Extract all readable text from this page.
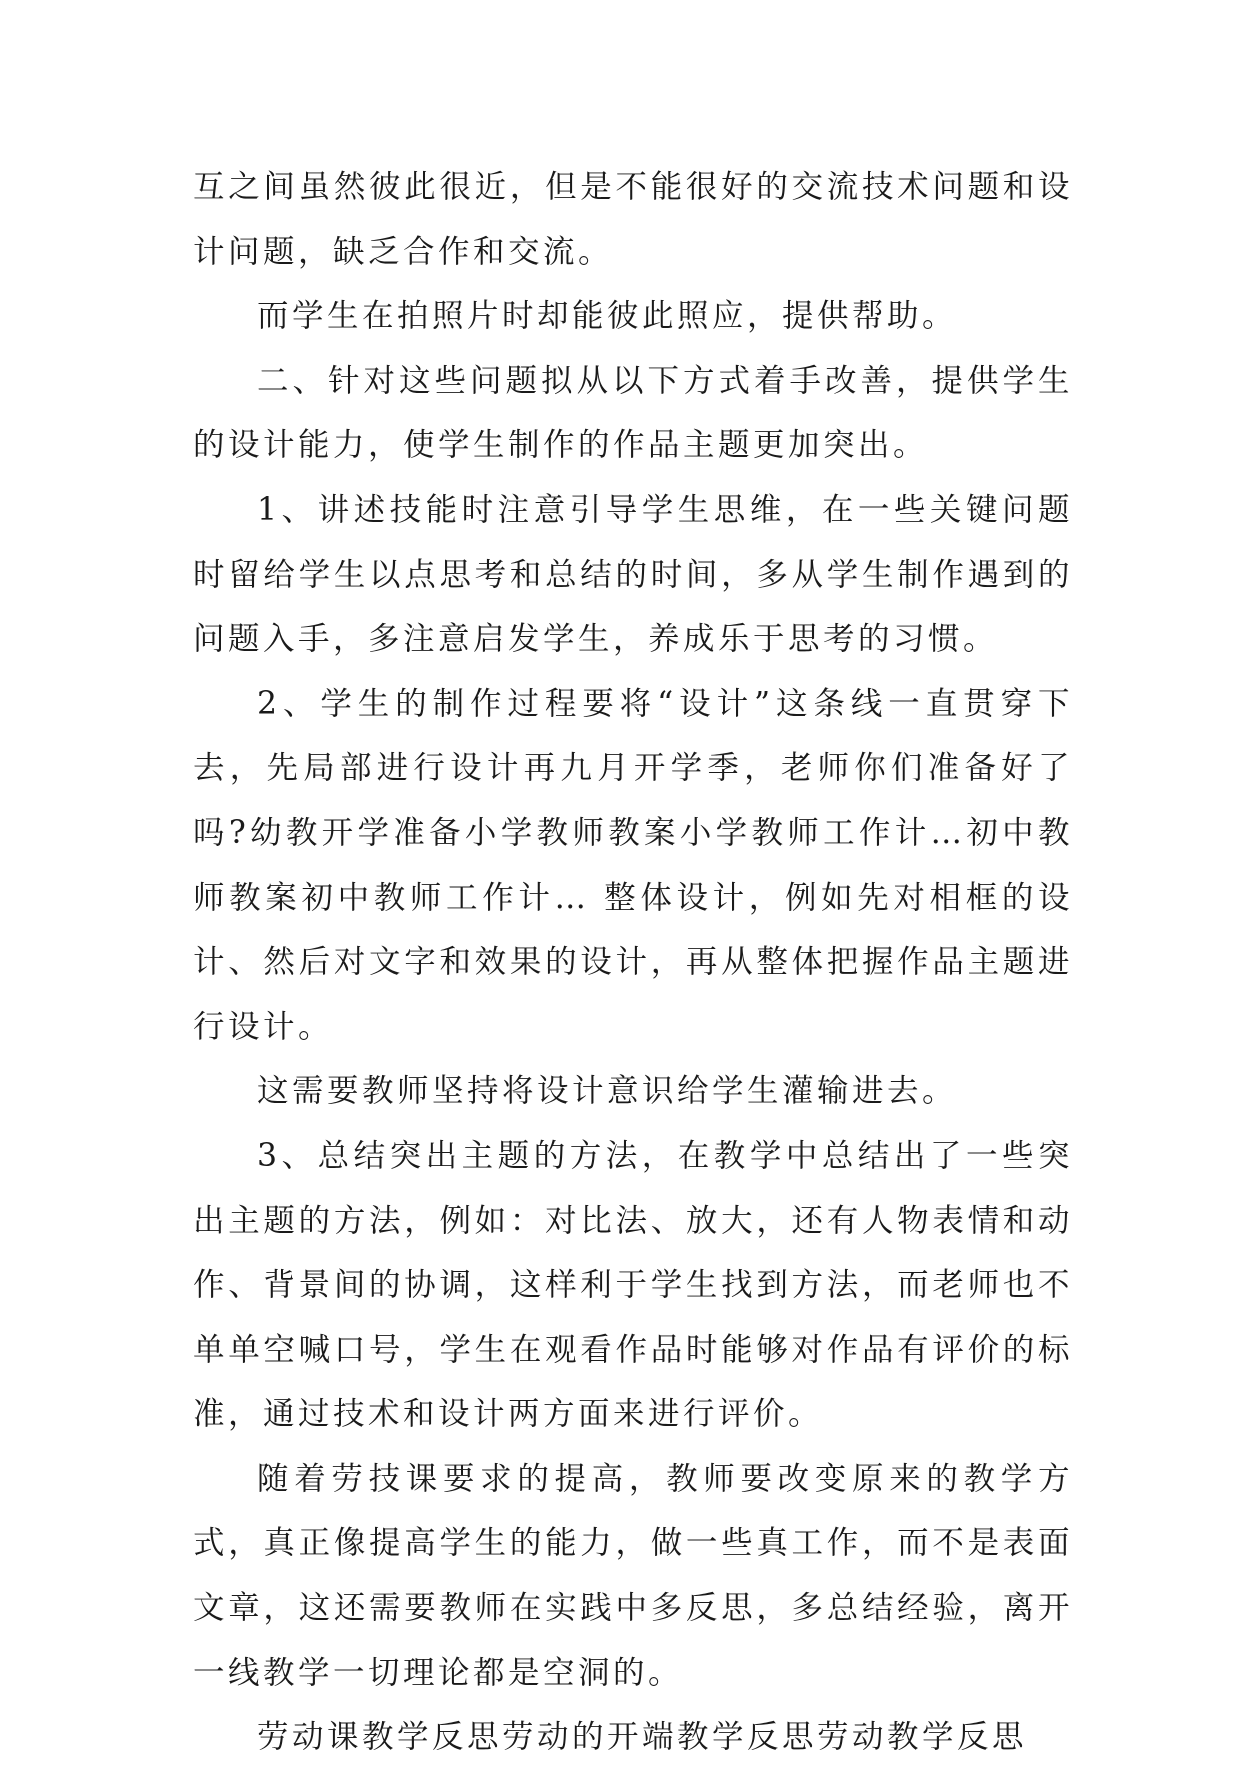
互之间虽然彼此很近，但是不能很好的交流技术问题和设计问题，缺乏合作和交流。

而学生在拍照片时却能彼此照应，提供帮助。

二、针对这些问题拟从以下方式着手改善，提供学生的设计能力，使学生制作的作品主题更加突出。

1、讲述技能时注意引导学生思维，在一些关键问题时留给学生以点思考和总结的时间，多从学生制作遇到的问题入手，多注意启发学生，养成乐于思考的习惯。

2、学生的制作过程要将“设计”这条线一直贯穿下去，先局部进行设计再九月开学季，老师你们准备好了吗?幼教开学准备小学教师教案小学教师工作计…初中教师教案初中教师工作计… 整体设计，例如先对相框的设计、然后对文字和效果的设计，再从整体把握作品主题进行设计。

这需要教师坚持将设计意识给学生灌输进去。

3、总结突出主题的方法，在教学中总结出了一些突出主题的方法，例如：对比法、放大，还有人物表情和动作、背景间的协调，这样利于学生找到方法，而老师也不单单空喊口号，学生在观看作品时能够对作品有评价的标准，通过技术和设计两方面来进行评价。

随着劳技课要求的提高，教师要改变原来的教学方式，真正像提高学生的能力，做一些真工作，而不是表面文章，这还需要教师在实践中多反思，多总结经验，离开一线教学一切理论都是空洞的。

劳动课教学反思劳动的开端教学反思劳动教学反思
